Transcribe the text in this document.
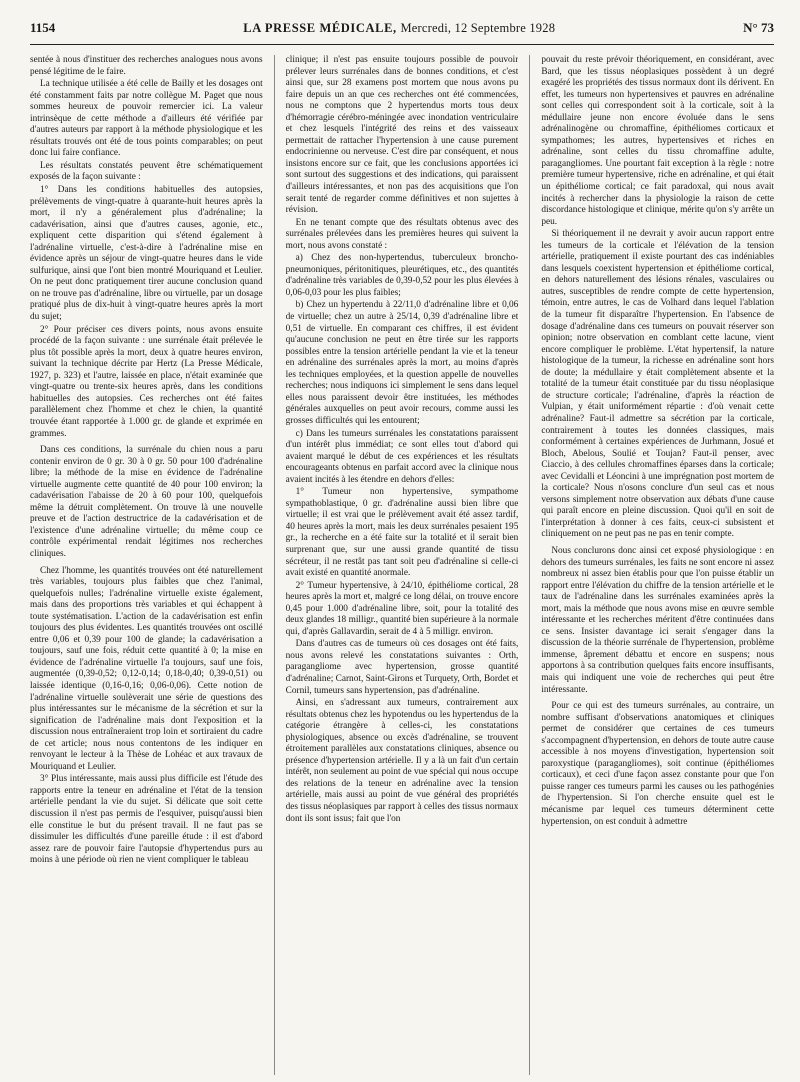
1154	LA PRESSE MÉDICALE, Mercredi, 12 Septembre 1928	N° 73

sentée à nous d'instituer des recherches analogues nous avons pensé légitime de le faire.

La technique utilisée a été celle de Bailly et les dosages ont été constamment faits par notre collègue M. Paget que nous sommes heureux de pouvoir remercier ici. La valeur intrinsèque de cette méthode a d'ailleurs été vérifiée par d'autres auteurs par rapport à la méthode physiologique et les résultats trouvés ont été de tous points comparables; on peut donc lui faire confiance.

Les résultats constatés peuvent être schématiquement exposés de la façon suivante :

1° Dans les conditions habituelles des autopsies, prélèvements de vingt-quatre à quarante-huit heures après la mort, il n'y a généralement plus d'adrénaline; la cadavérisation, ainsi que d'autres causes, agonie, etc., expliquent cette disparition qui s'étend également à l'adrénaline virtuelle, c'est-à-dire à l'adrénaline mise en évidence après un séjour de vingt-quatre heures dans le vide sulfurique, ainsi que l'ont bien montré Mouriquand et Leulier. On ne peut donc pratiquement tirer aucune conclusion quand on ne trouve pas d'adrénaline, libre ou virtuelle, par un dosage pratiqué plus de dix-huit à vingt-quatre heures après la mort du sujet;

2° Pour préciser ces divers points, nous avons ensuite procédé de la façon suivante : une surrénale était prélevée le plus tôt possible après la mort, deux à quatre heures environ, suivant la technique décrite par Hertz (La Presse Médicale, 1927, p. 323) et l'autre, laissée en place, n'était examinée que vingt-quatre ou trente-six heures après, dans les conditions habituelles des autopsies. Ces recherches ont été faites parallèlement chez l'homme et chez le chien, la quantité trouvée étant rapportée à 1.000 gr. de glande et exprimée en grammes.

Dans ces conditions, la surrénale du chien nous a paru contenir environ de 0 gr. 30 à 0 gr. 50 pour 100 d'adrénaline libre; la méthode de la mise en évidence de l'adrénaline virtuelle augmente cette quantité de 40 pour 100 environ; la cadavérisation l'abaisse de 20 à 60 pour 100, quelquefois même la détruit complètement. On trouve là une nouvelle preuve et de l'action destructrice de la cadavérisation et de l'existence d'une adrénaline virtuelle; du même coup ce contrôle expérimental rendait légitimes nos recherches cliniques.

Chez l'homme, les quantités trouvées ont été naturellement très variables, toujours plus faibles que chez l'animal, quelquefois nulles; l'adrénaline virtuelle existe également, mais dans des proportions très variables et qui échappent à toute systématisation. L'action de la cadavérisation est enfin toujours des plus évidentes. Les quantités trouvées ont oscillé entre 0,06 et 0,39 pour 100 de glande; la cadavérisation a toujours, sauf une fois, réduit cette quantité à 0; la mise en évidence de l'adrénaline virtuelle l'a toujours, sauf une fois, augmentée (0,39-0,52; 0,12-0,14; 0,18-0,40; 0,39-0,51) ou laissée identique (0,16-0,16; 0,06-0,06). Cette notion de l'adrénaline virtuelle soulèverait une série de questions des plus intéressantes sur le mécanisme de la sécrétion et sur la signification de l'adrénaline mais dont l'exposition et la discussion nous entraîneraient trop loin et sortiraient du cadre de cet article; nous nous contentons de les indiquer en renvoyant le lecteur à la Thèse de Lohéac et aux travaux de Mouriquand et Leulier.

3° Plus intéressante, mais aussi plus difficile est l'étude des rapports entre la teneur en adrénaline et l'état de la tension artérielle pendant la vie du sujet. Si délicate que soit cette discussion il n'est pas permis de l'esquiver, puisqu'aussi bien elle constitue le but du présent travail. Il ne faut pas se dissimuler les difficultés d'une pareille étude : il est d'abord assez rare de pouvoir faire l'autopsie d'hypertendus purs au moins à une période où rien ne vient compliquer le tableau

clinique; il n'est pas ensuite toujours possible de pouvoir prélever leurs surrénales dans de bonnes conditions, et c'est ainsi que, sur 28 examens post mortem que nous avons pu faire depuis un an que ces recherches ont été commencées, nous ne comptons que 2 hypertendus morts tous deux d'hémorragie cérébro-méningée avec inondation ventriculaire et chez lesquels l'intégrité des reins et des vaisseaux permettait de rattacher l'hypertension à une cause purement endocrinienne ou nerveuse. C'est dire par conséquent, et nous insistons encore sur ce fait, que les conclusions apportées ici sont surtout des suggestions et des indications, qui paraissent d'ailleurs intéressantes, et non pas des acquisitions que l'on serait tenté de regarder comme définitives et non sujettes à révision.

En ne tenant compte que des résultats obtenus avec des surrénales prélevées dans les premières heures qui suivent la mort, nous avons constaté :

a) Chez des non-hypertendus, tuberculeux broncho-pneumoniques, péritonitiques, pleurétiques, etc., des quantités d'adrénaline très variables de 0,39-0,52 pour les plus élevées à 0,06-0,03 pour les plus faibles;

b) Chez un hypertendu à 22/11,0 d'adrénaline libre et 0,06 de virtuelle; chez un autre à 25/14, 0,39 d'adrénaline libre et 0,51 de virtuelle. En comparant ces chiffres, il est évident qu'aucune conclusion ne peut en être tirée sur les rapports possibles entre la tension artérielle pendant la vie et la teneur en adrénaline des surrénales après la mort, au moins d'après les techniques employées, et la question appelle de nouvelles recherches; nous indiquons ici simplement le sens dans lequel elles nous paraissent devoir être instituées, les méthodes générales auxquelles on peut avoir recours, comme aussi les grosses difficultés qui les entourent;

c) Dans les tumeurs surrénales les constatations paraissent d'un intérêt plus immédiat; ce sont elles tout d'abord qui avaient marqué le début de ces expériences et les résultats encourageants obtenus en parfait accord avec la clinique nous avaient incités à les étendre en dehors d'elles:

1° Tumeur non hypertensive, sympathome sympathoblastique, 0 gr. d'adrénaline aussi bien libre que virtuelle; il est vrai que le prélèvement avait été assez tardif, 40 heures après la mort, mais les deux surrénales pesaient 195 gr., la recherche en a été faite sur la totalité et il serait bien surprenant que, sur une aussi grande quantité de tissu sécréteur, il ne restât pas tant soit peu d'adrénaline si celle-ci avait existé en quantité anormale.

2° Tumeur hypertensive, à 24/10, épithéliome cortical, 28 heures après la mort et, malgré ce long délai, on trouve encore 0,45 pour 1.000 d'adrénaline libre, soit, pour la totalité des deux glandes 18 milligr., quantité bien supérieure à la normale qui, d'après Gallavardin, serait de 4 à 5 milligr. environ.

Dans d'autres cas de tumeurs où ces dosages ont été faits, nous avons relevé les constatations suivantes : Orth, paragangliome avec hypertension, grosse quantité d'adrénaline; Carnot, Saint-Girons et Turquety, Orth, Bordet et Cornil, tumeurs sans hypertension, pas d'adrénaline.

Ainsi, en s'adressant aux tumeurs, contrairement aux résultats obtenus chez les hypotendus ou les hypertendus de la catégorie étrangère à celles-ci, les constatations physiologiques, absence ou excès d'adrénaline, se trouvent étroitement parallèles aux constatations cliniques, absence ou présence d'hypertension artérielle. Il y a là un fait d'un certain intérêt, non seulement au point de vue spécial qui nous occupe des relations de la teneur en adrénaline avec la tension artérielle, mais aussi au point de vue général des propriétés des tissus néoplasiques par rapport à celles des tissus normaux dont ils sont issus; fait que l'on

pouvait du reste prévoir théoriquement, en considérant, avec Bard, que les tissus néoplasiques possèdent à un degré exagéré les propriétés des tissus normaux dont ils dérivent. En effet, les tumeurs non hypertensives et pauvres en adrénaline sont celles qui correspondent soit à la corticale, soit à la médullaire jeune non encore évoluée dans le sens adrénalinogène ou chromaffine, épithéliomes corticaux et sympathomes; les autres, hypertensives et riches en adrénaline, sont celles du tissu chromaffine adulte, paragangliomes. Une pourtant fait exception à la règle : notre première tumeur hypertensive, riche en adrénaline, et qui était un épithéliome cortical; ce fait paradoxal, qui nous avait incités à rechercher dans la physiologie la raison de cette discordance histologique et clinique, mérite qu'on s'y arrête un peu.

Si théoriquement il ne devrait y avoir aucun rapport entre les tumeurs de la corticale et l'élévation de la tension artérielle, pratiquement il existe pourtant des cas indéniables dans lesquels coexistent hypertension et épithéliome cortical, en dehors naturellement des lésions rénales, vasculaires ou autres, susceptibles de rendre compte de cette hypertension, témoin, entre autres, le cas de Volhard dans lequel l'ablation de la tumeur fit disparaître l'hypertension. En l'absence de dosage d'adrénaline dans ces tumeurs on pouvait réserver son opinion; notre observation en comblant cette lacune, vient encore compliquer le problème. L'état hypertensif, la nature histologique de la tumeur, la richesse en adrénaline sont hors de doute; la médullaire y était complètement absente et la totalité de la tumeur était constituée par du tissu néoplasique de structure corticale; l'adrénaline, d'après la réaction de Vulpian, y était uniformément répartie : d'où venait cette adrénaline? Faut-il admettre sa sécrétion par la corticale, contrairement à toutes les données classiques, mais conformément à certaines expériences de Jurhmann, Josué et Bloch, Abelous, Soulié et Toujan? Faut-il penser, avec Ciaccio, à des cellules chromaffines éparses dans la corticale; avec Cevidalli et Léoncini à une imprégnation post mortem de la corticale? Nous n'osons conclure d'un seul cas et nous versons simplement notre observation aux débats d'une cause qui paraît encore en pleine discussion. Quoi qu'il en soit de l'interprétation à donner à ces faits, ceux-ci subsistent et cliniquement on ne peut pas ne pas en tenir compte.

Nous conclurons donc ainsi cet exposé physiologique : en dehors des tumeurs surrénales, les faits ne sont encore ni assez nombreux ni assez bien établis pour que l'on puisse établir un rapport entre l'élévation du chiffre de la tension artérielle et le taux de l'adrénaline dans les surrénales examinées après la mort, mais la méthode que nous avons mise en œuvre semble intéressante et les recherches méritent d'être continuées dans ce sens. Insister davantage ici serait s'engager dans la discussion de la théorie surrénale de l'hypertension, problème immense, âprement débattu et encore en suspens; nous apportons à sa contribution quelques faits encore insuffisants, mais qui indiquent une voie de recherches qui peut être intéressante.

Pour ce qui est des tumeurs surrénales, au contraire, un nombre suffisant d'observations anatomiques et cliniques permet de considérer que certaines de ces tumeurs s'accompagnent d'hypertension, en dehors de toute autre cause accessible à nos moyens d'investigation, hypertension soit paroxystique (paragangliomes), soit continue (épithéliomes corticaux), et ceci d'une façon assez constante pour que l'on puisse ranger ces tumeurs parmi les causes ou les pathogénies de l'hypertension. Si l'on cherche ensuite quel est le mécanisme par lequel ces tumeurs déterminent cette hypertension, on est conduit à admettre
